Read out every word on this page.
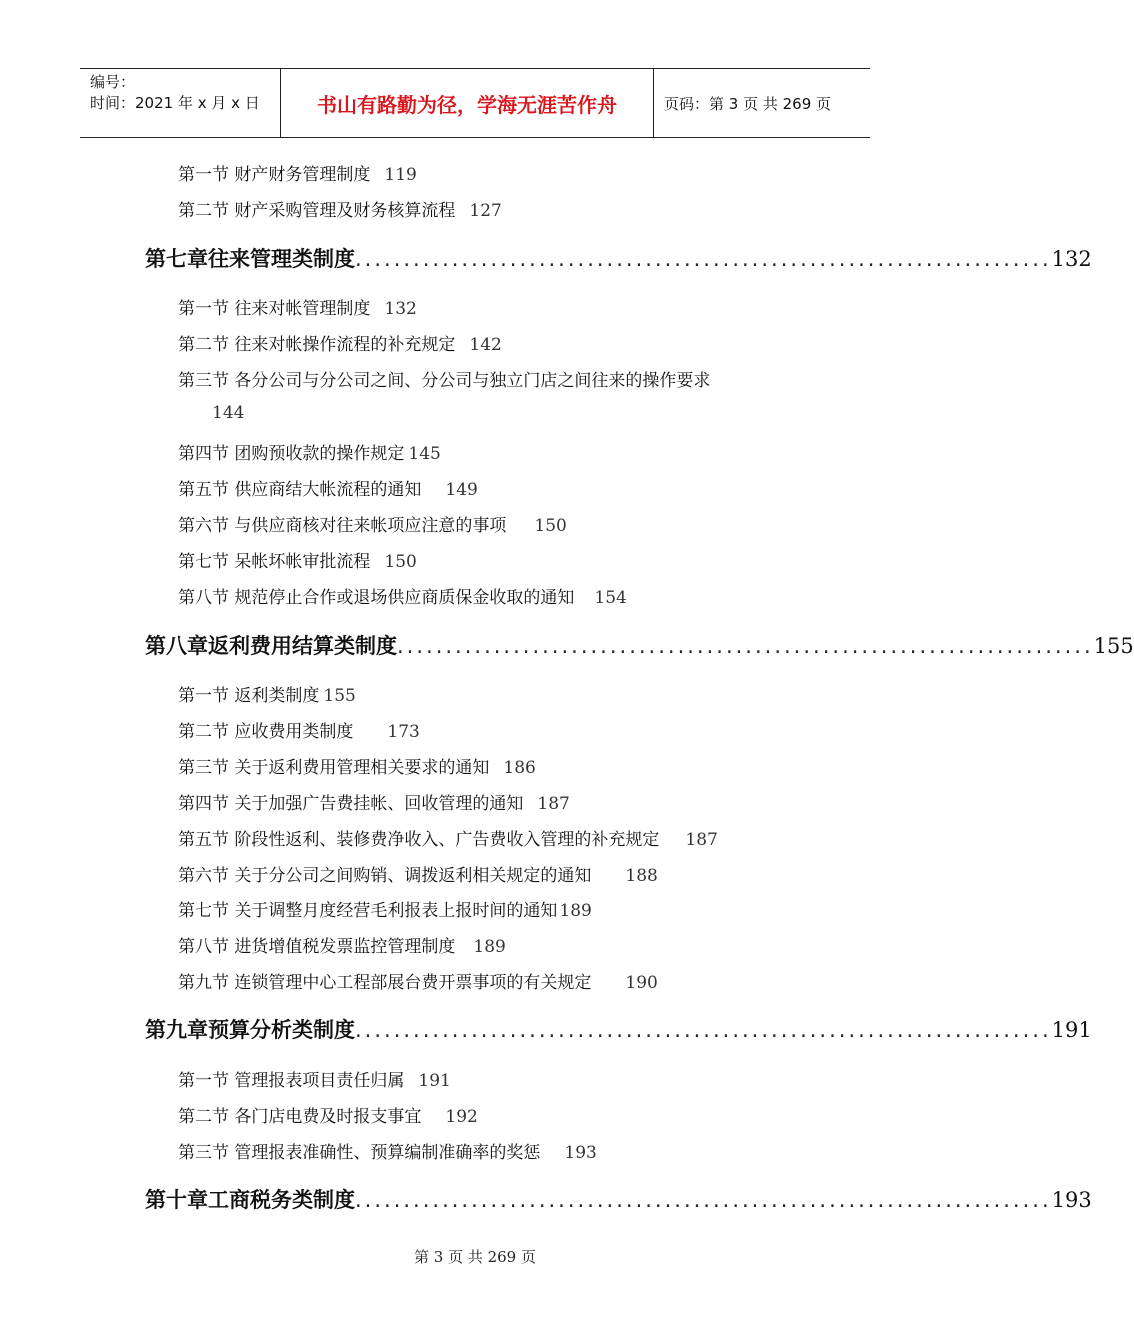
编号：
时间：2021 年 x 月 x 日	书山有路勤为径，学海无涯苦作舟	页码：第 3 页 共 269 页
第一节 财产财务管理制度 119
第二节 财产采购管理及财务核算流程 127
第七章 往来管理类制度 ........................................................................ 132
第一节 往来对帐管理制度 132
第二节 往来对帐操作流程的补充规定 142
第三节 各分公司与分公司之间、分公司与独立门店之间往来的操作要求
144
第四节 团购预收款的操作规定 145
第五节 供应商结大帐流程的通知 149
第六节 与供应商核对往来帐项应注意的事项 150
第七节 呆帐坏帐审批流程 150
第八节 规范停止合作或退场供应商质保金收取的通知 154
第八章 返利费用结算类制度 ........................................................................ 155
第一节 返利类制度 155
第二节 应收费用类制度 173
第三节 关于返利费用管理相关要求的通知 186
第四节 关于加强广告费挂帐、回收管理的通知 187
第五节 阶段性返利、装修费净收入、广告费收入管理的补充规定 187
第六节 关于分公司之间购销、调拨返利相关规定的通知 188
第七节 关于调整月度经营毛利报表上报时间的通知 189
第八节 进货增值税发票监控管理制度 189
第九节 连锁管理中心工程部展台费开票事项的有关规定 190
第九章 预算分析类制度 ........................................................................ 191
第一节 管理报表项目责任归属 191
第二节 各门店电费及时报支事宜 192
第三节 管理报表准确性、预算编制准确率的奖惩 193
第十章 工商税务类制度 ........................................................................ 193
第 3 页 共 269 页
